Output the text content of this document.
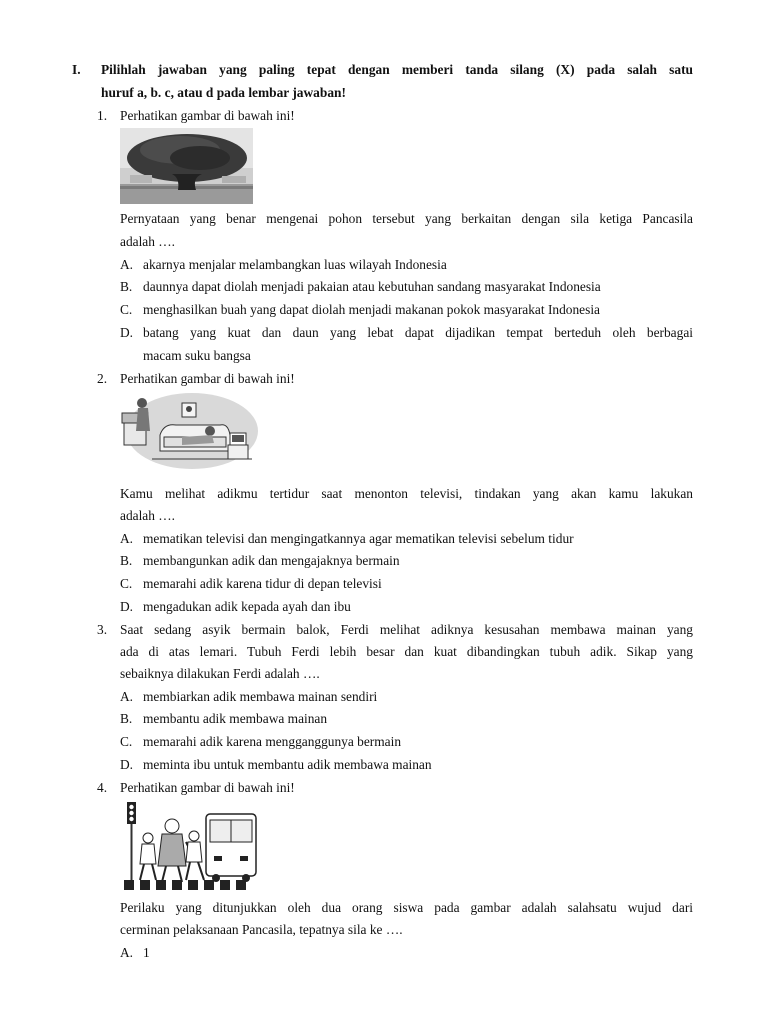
I. Pilihlah jawaban yang paling tepat dengan memberi tanda silang (X) pada salah satu
huruf a, b. c, atau d pada lembar jawaban!
1. Perhatikan gambar di bawah ini!
Pernyataan yang benar mengenai pohon tersebut yang berkaitan dengan sila ketiga Pancasila
adalah ….
A. akarnya menjalar melambangkan luas wilayah Indonesia
B. daunnya dapat diolah menjadi pakaian atau kebutuhan sandang masyarakat Indonesia
C. menghasilkan buah yang dapat diolah menjadi makanan pokok masyarakat Indonesia
D. batang yang kuat dan daun yang lebat dapat dijadikan tempat berteduh oleh berbagai
macam suku bangsa
2. Perhatikan gambar di bawah ini!
Kamu melihat adikmu tertidur saat menonton televisi, tindakan yang akan kamu lakukan
adalah ….
A. mematikan televisi dan mengingatkannya agar mematikan televisi sebelum tidur
B. membangunkan adik dan mengajaknya bermain
C. memarahi adik karena tidur di depan televisi
D. mengadukan adik kepada ayah dan ibu
3. Saat sedang asyik bermain balok, Ferdi melihat adiknya kesusahan membawa mainan yang
ada di atas lemari. Tubuh Ferdi lebih besar dan kuat dibandingkan tubuh adik. Sikap yang
sebaiknya dilakukan Ferdi adalah ….
A. membiarkan adik membawa mainan sendiri
B. membantu adik membawa mainan
C. memarahi adik karena mengganggunya bermain
D. meminta ibu untuk membantu adik membawa mainan
4. Perhatikan gambar di bawah ini!
Perilaku yang ditunjukkan oleh dua orang siswa pada gambar adalah salahsatu wujud dari
cerminan pelaksanaan Pancasila, tepatnya sila ke ….
A. 1
